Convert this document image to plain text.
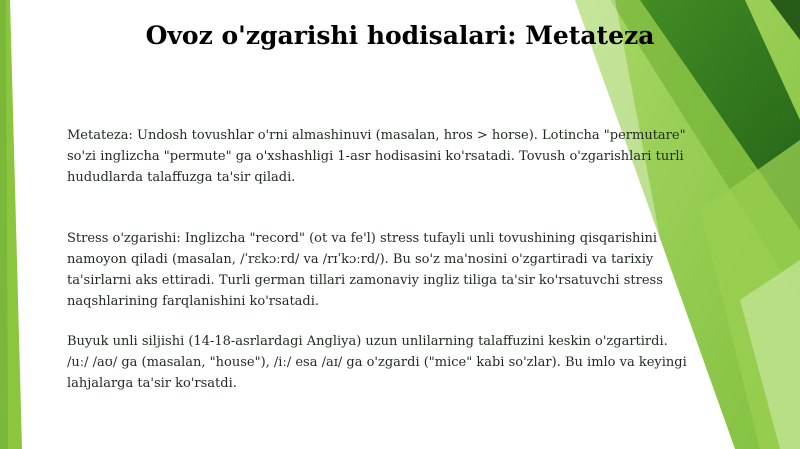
Ovoz o'zgarishi hodisalari: Metateza

Metateza: Undosh tovushlar o'rni almashinuvi (masalan, hros > horse). Lotincha "permutare"
so'zi inglizcha "permute" ga o'xshashligi 1-asr hodisasini ko'rsatadi. Tovush o'zgarishlari turli
hududlarda talaffuzga ta'sir qiladi.

Stress o'zgarishi: Inglizcha "record" (ot va fe'l) stress tufayli unli tovushining qisqarishini
namoyon qiladi (masalan, /ˈrɛkɔːrd/ va /rɪˈkɔːrd/). Bu so'z ma'nosini o'zgartiradi va tarixiy
ta'sirlarni aks ettiradi. Turli german tillari zamonaviy ingliz tiliga ta'sir ko'rsatuvchi stress
naqshlarining farqlanishini ko'rsatadi.

Buyuk unli siljishi (14-18-asrlardagi Angliya) uzun unlilarning talaffuzini keskin o'zgartirdi.
/uː/ /aʊ/ ga (masalan, "house"), /iː/ esa /aɪ/ ga o'zgardi ("mice" kabi so'zlar). Bu imlo va keyingi
lahjalarga ta'sir ko'rsatdi.
